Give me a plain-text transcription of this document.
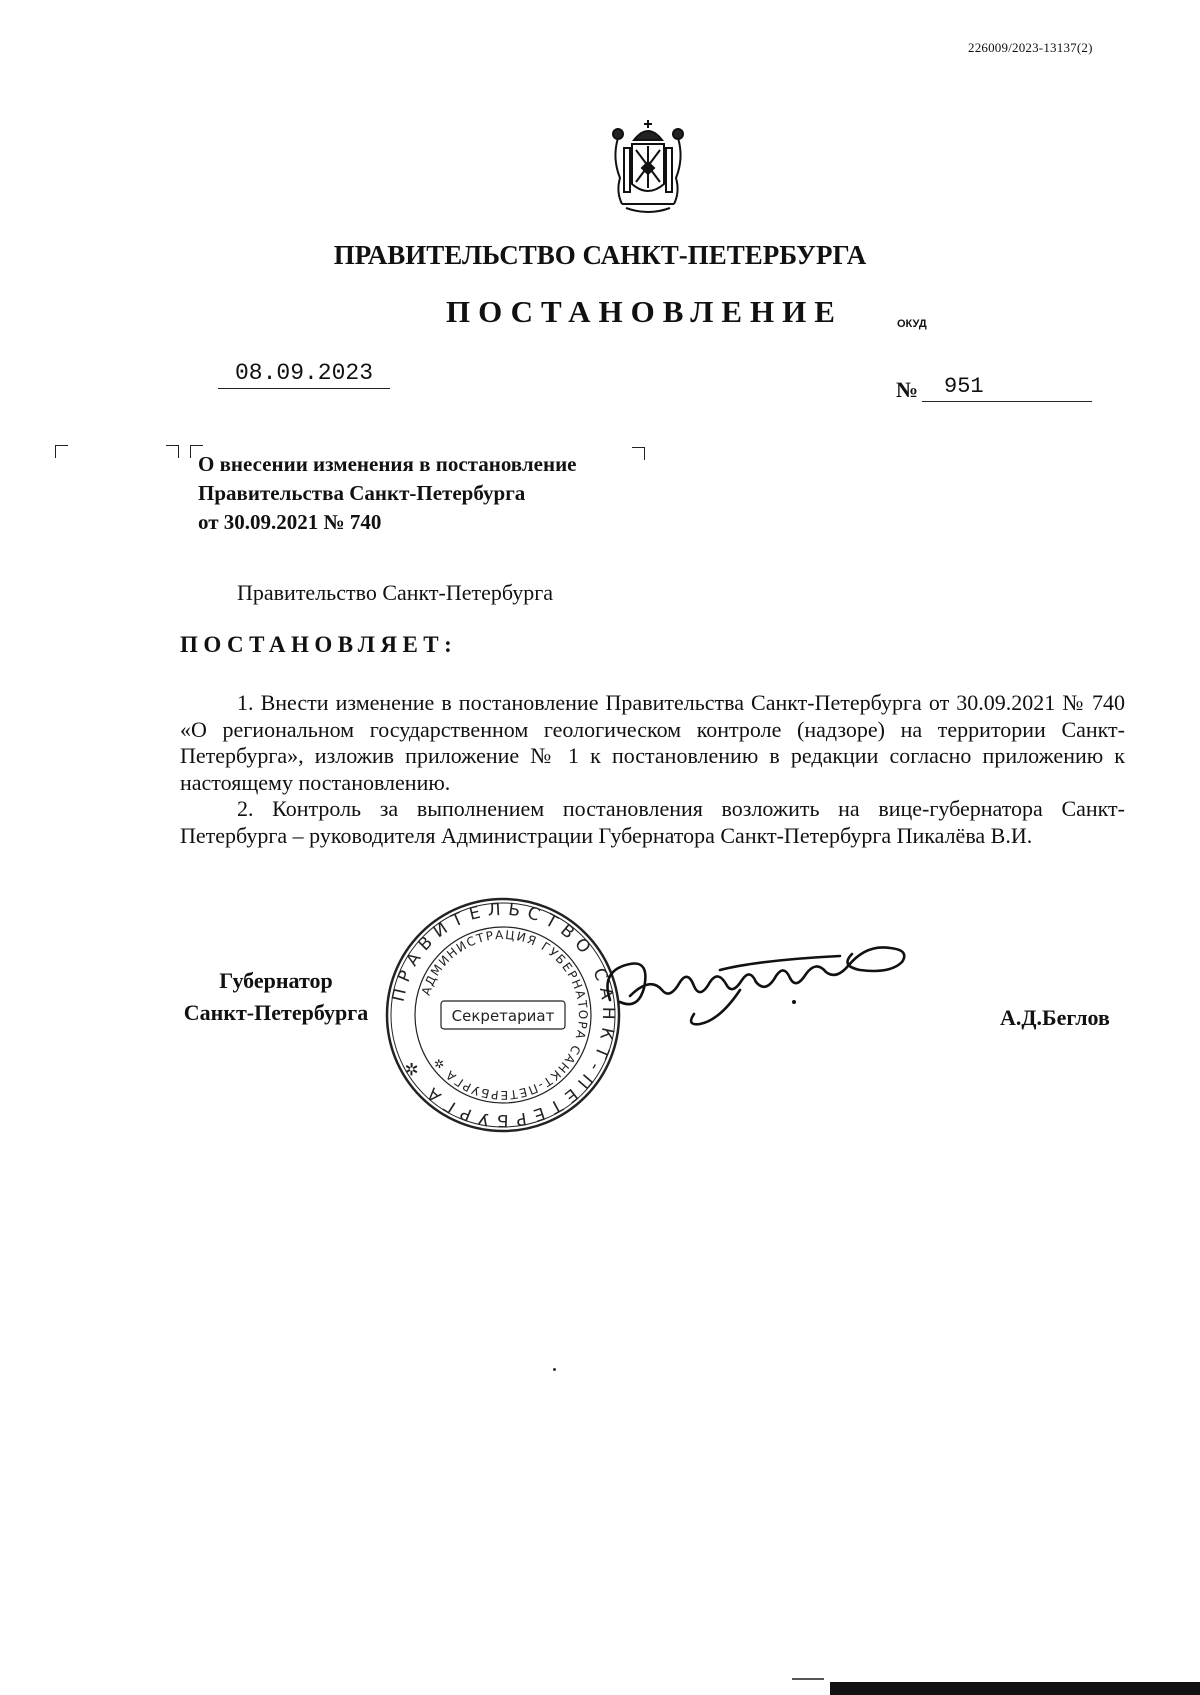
226009/2023-13137(2)
ПРАВИТЕЛЬСТВО САНКТ-ПЕТЕРБУРГА
ПОСТАНОВЛЕНИЕ	ОКУД
08.09.2023
№	951
О внесении изменения в постановление
Правительства Санкт-Петербурга
от 30.09.2021 № 740
Правительство Санкт-Петербурга
ПОСТАНОВЛЯЕТ:

1. Внести изменение в постановление Правительства Санкт-Петербурга от 30.09.2021 № 740 «О региональном государственном геологическом контроле (надзоре) на территории Санкт-Петербурга», изложив приложение № 1 к постановлению в редакции согласно приложению к настоящему постановлению.

2. Контроль за выполнением постановления возложить на вице-губернатора Санкт-Петербурга – руководителя Администрации Губернатора Санкт-Петербурга Пикалёва В.И.

Губернатор
Санкт-Петербурга	А.Д.Беглов
ПРАВИТЕЛЬСТВО САНКТ-ПЕТЕРБУРГА ✲
АДМИНИСТРАЦИЯ ГУБЕРНАТОРА САНКТ-ПЕТЕРБУРГА ✲
Секретариат
